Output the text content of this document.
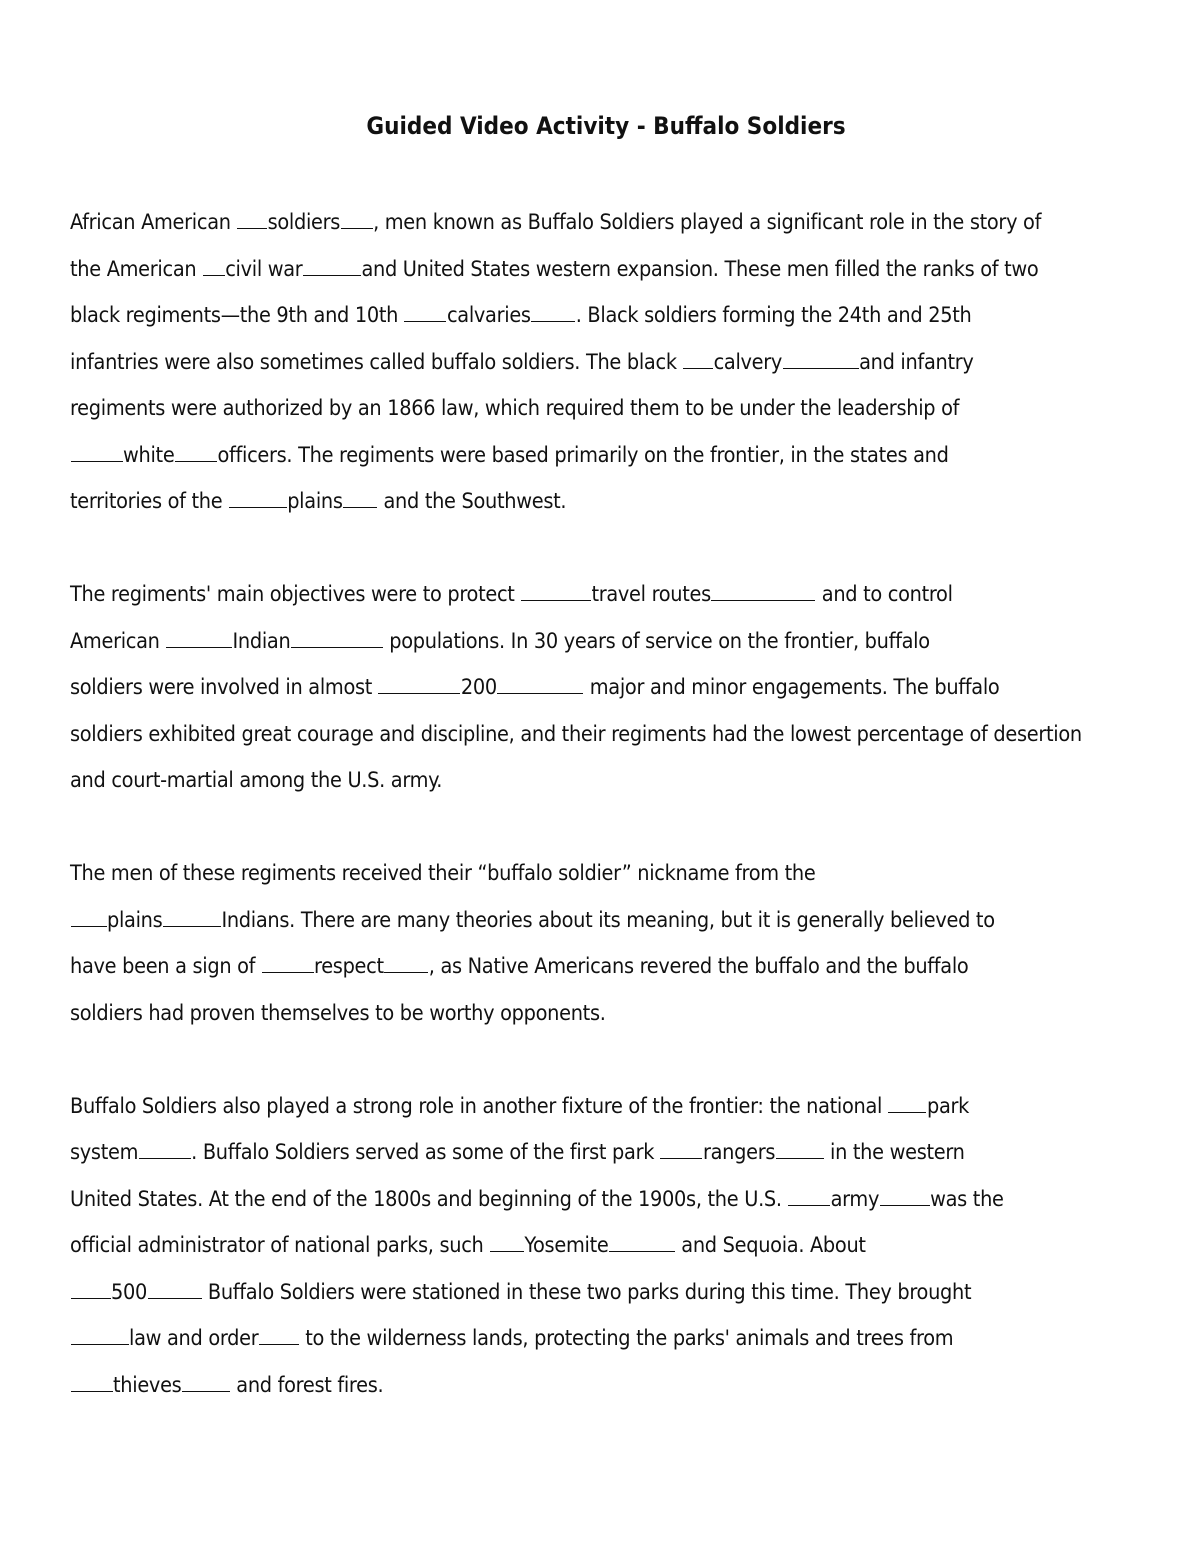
Guided Video Activity - Buffalo Soldiers
African American soldiers , men known as Buffalo Soldiers played a significant role in the story of
the American civil war	and United States western expansion. These men filled the ranks of two
black regiments—the 9th and 10th calvaries . Black soldiers forming the 24th and 25th
infantries were also sometimes called buffalo soldiers. The black calvery	and infantry
regiments were authorized by an 1866 law, which required them to be under the leadership of
white officers. The regiments were based primarily on the frontier, in the states and
territories of the	plains and the Southwest.
The regiments' main objectives were to protect	travel routes	and to control
American	Indian	populations. In 30 years of service on the frontier, buffalo
soldiers were involved in almost	200	major and minor engagements. The buffalo
soldiers exhibited great courage and discipline, and their regiments had the lowest percentage of desertion
and court-martial among the U.S. army.
The men of these regiments received their “buffalo soldier” nickname from the
plains	Indians. There are many theories about its meaning, but it is generally believed to
have been a sign of respect , as Native Americans revered the buffalo and the buffalo
soldiers had proven themselves to be worthy opponents.
Buffalo Soldiers also played a strong role in another fixture of the frontier: the national park
system . Buffalo Soldiers served as some of the first park rangers in the western
United States. At the end of the 1800s and beginning of the 1900s, the U.S. army was the
official administrator of national parks, such Yosemite	and Sequoia. About
500	Buffalo Soldiers were stationed in these two parks during this time. They brought
law and order to the wilderness lands, protecting the parks' animals and trees from
thieves and forest fires.
